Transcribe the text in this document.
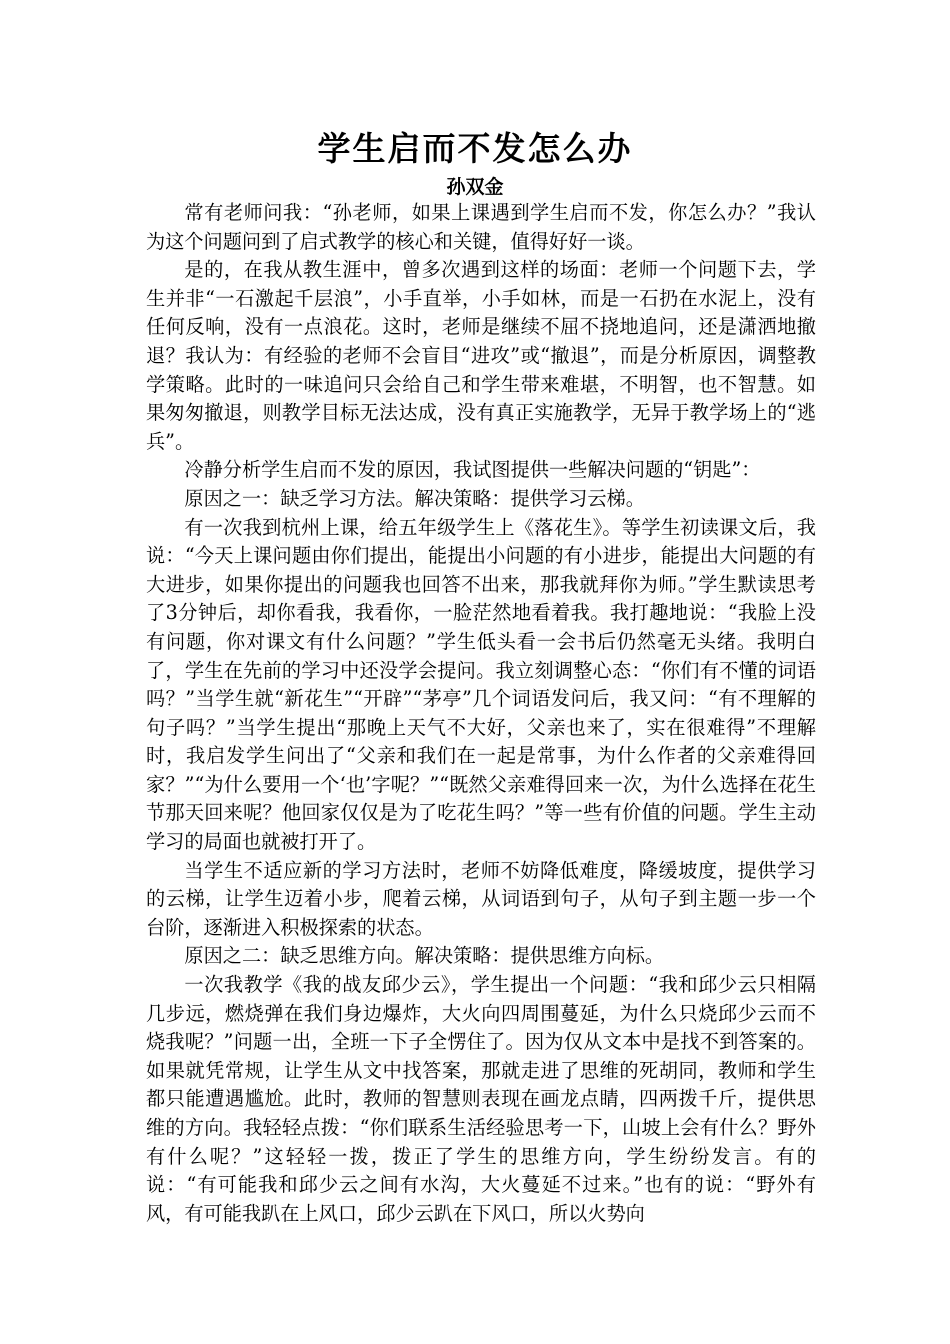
学生启而不发怎么办
孙双金

常有老师问我：“孙老师，如果上课遇到学生启而不发，你怎么办？”我认为这个问题问到了启式教学的核心和关键，值得好好一谈。

是的，在我从教生涯中，曾多次遇到这样的场面：老师一个问题下去，学生并非“一石激起千层浪”，小手直举，小手如林，而是一石扔在水泥上，没有任何反响，没有一点浪花。这时，老师是继续不屈不挠地追问，还是潇洒地撤退？我认为：有经验的老师不会盲目“进攻”或“撤退”，而是分析原因，调整教学策略。此时的一味追问只会给自己和学生带来难堪，不明智，也不智慧。如果匆匆撤退，则教学目标无法达成，没有真正实施教学，无异于教学场上的“逃兵”。

冷静分析学生启而不发的原因，我试图提供一些解决问题的“钥匙”：

原因之一：缺乏学习方法。解决策略：提供学习云梯。

有一次我到杭州上课，给五年级学生上《落花生》。等学生初读课文后，我说：“今天上课问题由你们提出，能提出小问题的有小进步，能提出大问题的有大进步，如果你提出的问题我也回答不出来，那我就拜你为师。”学生默读思考了3分钟后，却你看我，我看你，一脸茫然地看着我。我打趣地说：“我脸上没有问题，你对课文有什么问题？”学生低头看一会书后仍然毫无头绪。我明白了，学生在先前的学习中还没学会提问。我立刻调整心态：“你们有不懂的词语吗？”当学生就“新花生”“开辟”“茅亭”几个词语发问后，我又问：“有不理解的句子吗？”当学生提出“那晚上天气不大好，父亲也来了，实在很难得”不理解时，我启发学生问出了“父亲和我们在一起是常事，为什么作者的父亲难得回家？”“为什么要用一个‘也’字呢？”“既然父亲难得回来一次，为什么选择在花生节那天回来呢？他回家仅仅是为了吃花生吗？”等一些有价值的问题。学生主动学习的局面也就被打开了。

当学生不适应新的学习方法时，老师不妨降低难度，降缓坡度，提供学习的云梯，让学生迈着小步，爬着云梯，从词语到句子，从句子到主题一步一个台阶，逐渐进入积极探索的状态。

原因之二：缺乏思维方向。解决策略：提供思维方向标。

一次我教学《我的战友邱少云》，学生提出一个问题：“我和邱少云只相隔几步远，燃烧弹在我们身边爆炸，大火向四周围蔓延，为什么只烧邱少云而不烧我呢？”问题一出，全班一下子全愣住了。因为仅从文本中是找不到答案的。如果就凭常规，让学生从文中找答案，那就走进了思维的死胡同，教师和学生都只能遭遇尴尬。此时，教师的智慧则表现在画龙点睛，四两拨千斤，提供思维的方向。我轻轻点拨：“你们联系生活经验思考一下，山坡上会有什么？野外有什么呢？”这轻轻一拨，拨正了学生的思维方向，学生纷纷发言。有的说：“有可能我和邱少云之间有水沟，大火蔓延不过来。”也有的说：“野外有风，有可能我趴在上风口，邱少云趴在下风口，所以火势向
